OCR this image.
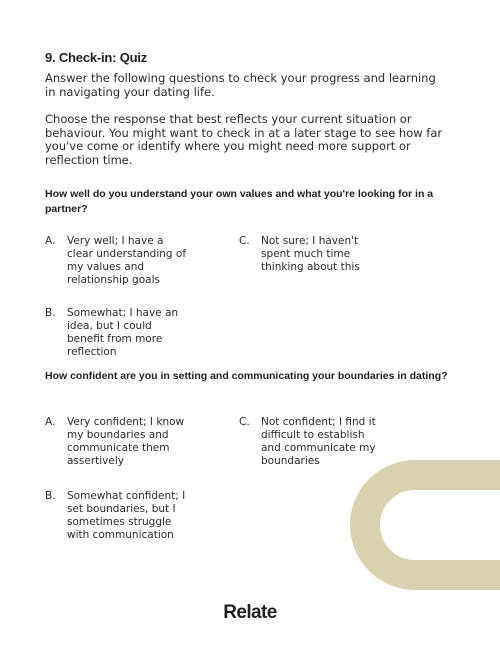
9. Check-in: Quiz
Answer the following questions to check your progress and learning in navigating your dating life.
Choose the response that best reflects your current situation or behaviour. You might want to check in at a later stage to see how far you've come or identify where you might need more support or reflection time.
How well do you understand your own values and what you're looking for in a partner?
A.	Very well; I have a clear understanding of my values and relationship goals
C.	Not sure; I haven't spent much time thinking about this
B.	Somewhat; I have an idea, but I could benefit from more reflection
How confident are you in setting and communicating your boundaries in dating?
A.	Very confident; I know my boundaries and communicate them assertively
C.	Not confident; I find it difficult to establish and communicate my boundaries
B.	Somewhat confident; I set boundaries, but I sometimes struggle with communication
Relate
